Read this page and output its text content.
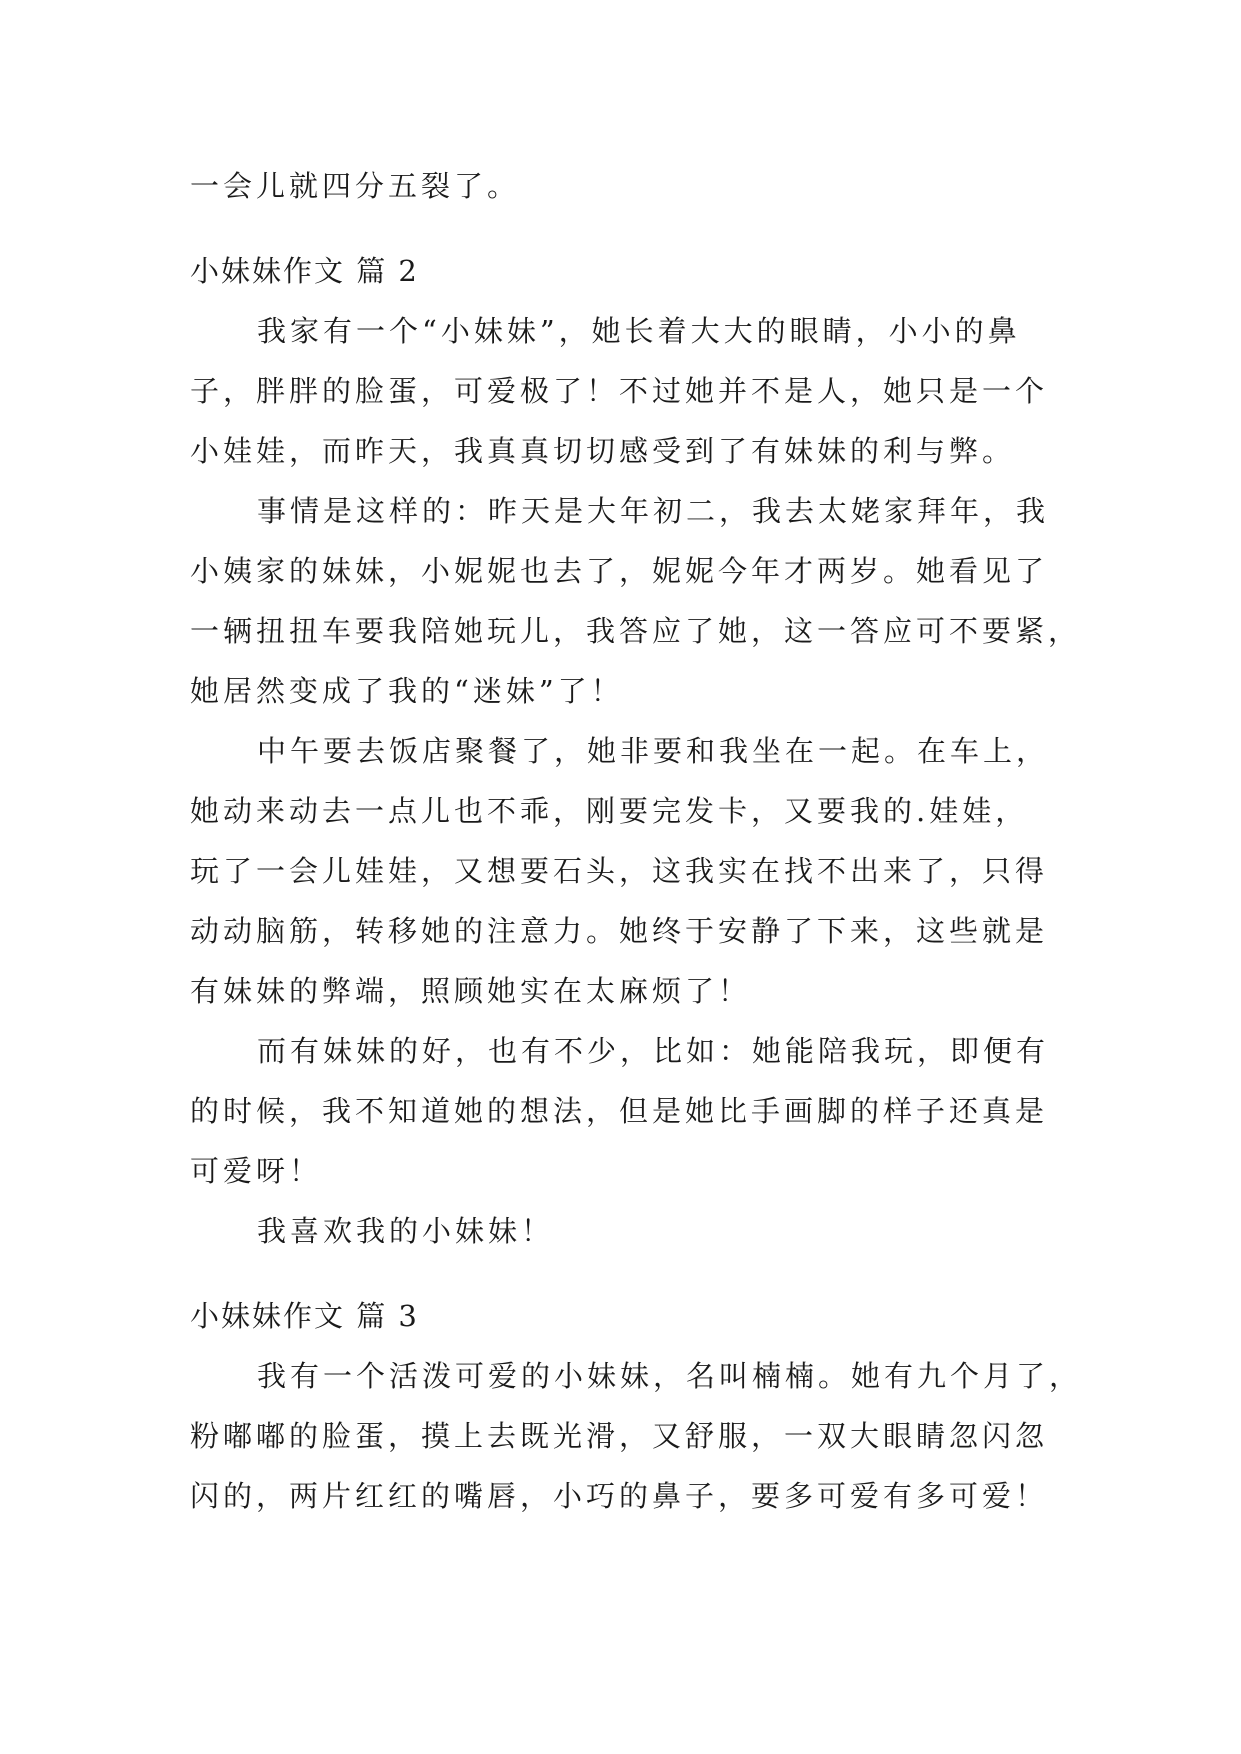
一会儿就四分五裂了。

小妹妹作文 篇 2

我家有一个“小妹妹”，她长着大大的眼睛，小小的鼻

子，胖胖的脸蛋，可爱极了！不过她并不是人，她只是一个

小娃娃，而昨天，我真真切切感受到了有妹妹的利与弊。

事情是这样的：昨天是大年初二，我去太姥家拜年，我

小姨家的妹妹，小妮妮也去了，妮妮今年才两岁。她看见了

一辆扭扭车要我陪她玩儿，我答应了她，这一答应可不要紧，

她居然变成了我的“迷妹”了！

中午要去饭店聚餐了，她非要和我坐在一起。在车上，

她动来动去一点儿也不乖，刚要完发卡，又要我的.娃娃，

玩了一会儿娃娃，又想要石头，这我实在找不出来了，只得

动动脑筋，转移她的注意力。她终于安静了下来，这些就是

有妹妹的弊端，照顾她实在太麻烦了！

而有妹妹的好，也有不少，比如：她能陪我玩，即便有

的时候，我不知道她的想法，但是她比手画脚的样子还真是

可爱呀！

我喜欢我的小妹妹！

小妹妹作文 篇 3

我有一个活泼可爱的小妹妹，名叫楠楠。她有九个月了，

粉嘟嘟的脸蛋，摸上去既光滑，又舒服，一双大眼睛忽闪忽

闪的，两片红红的嘴唇，小巧的鼻子，要多可爱有多可爱！
